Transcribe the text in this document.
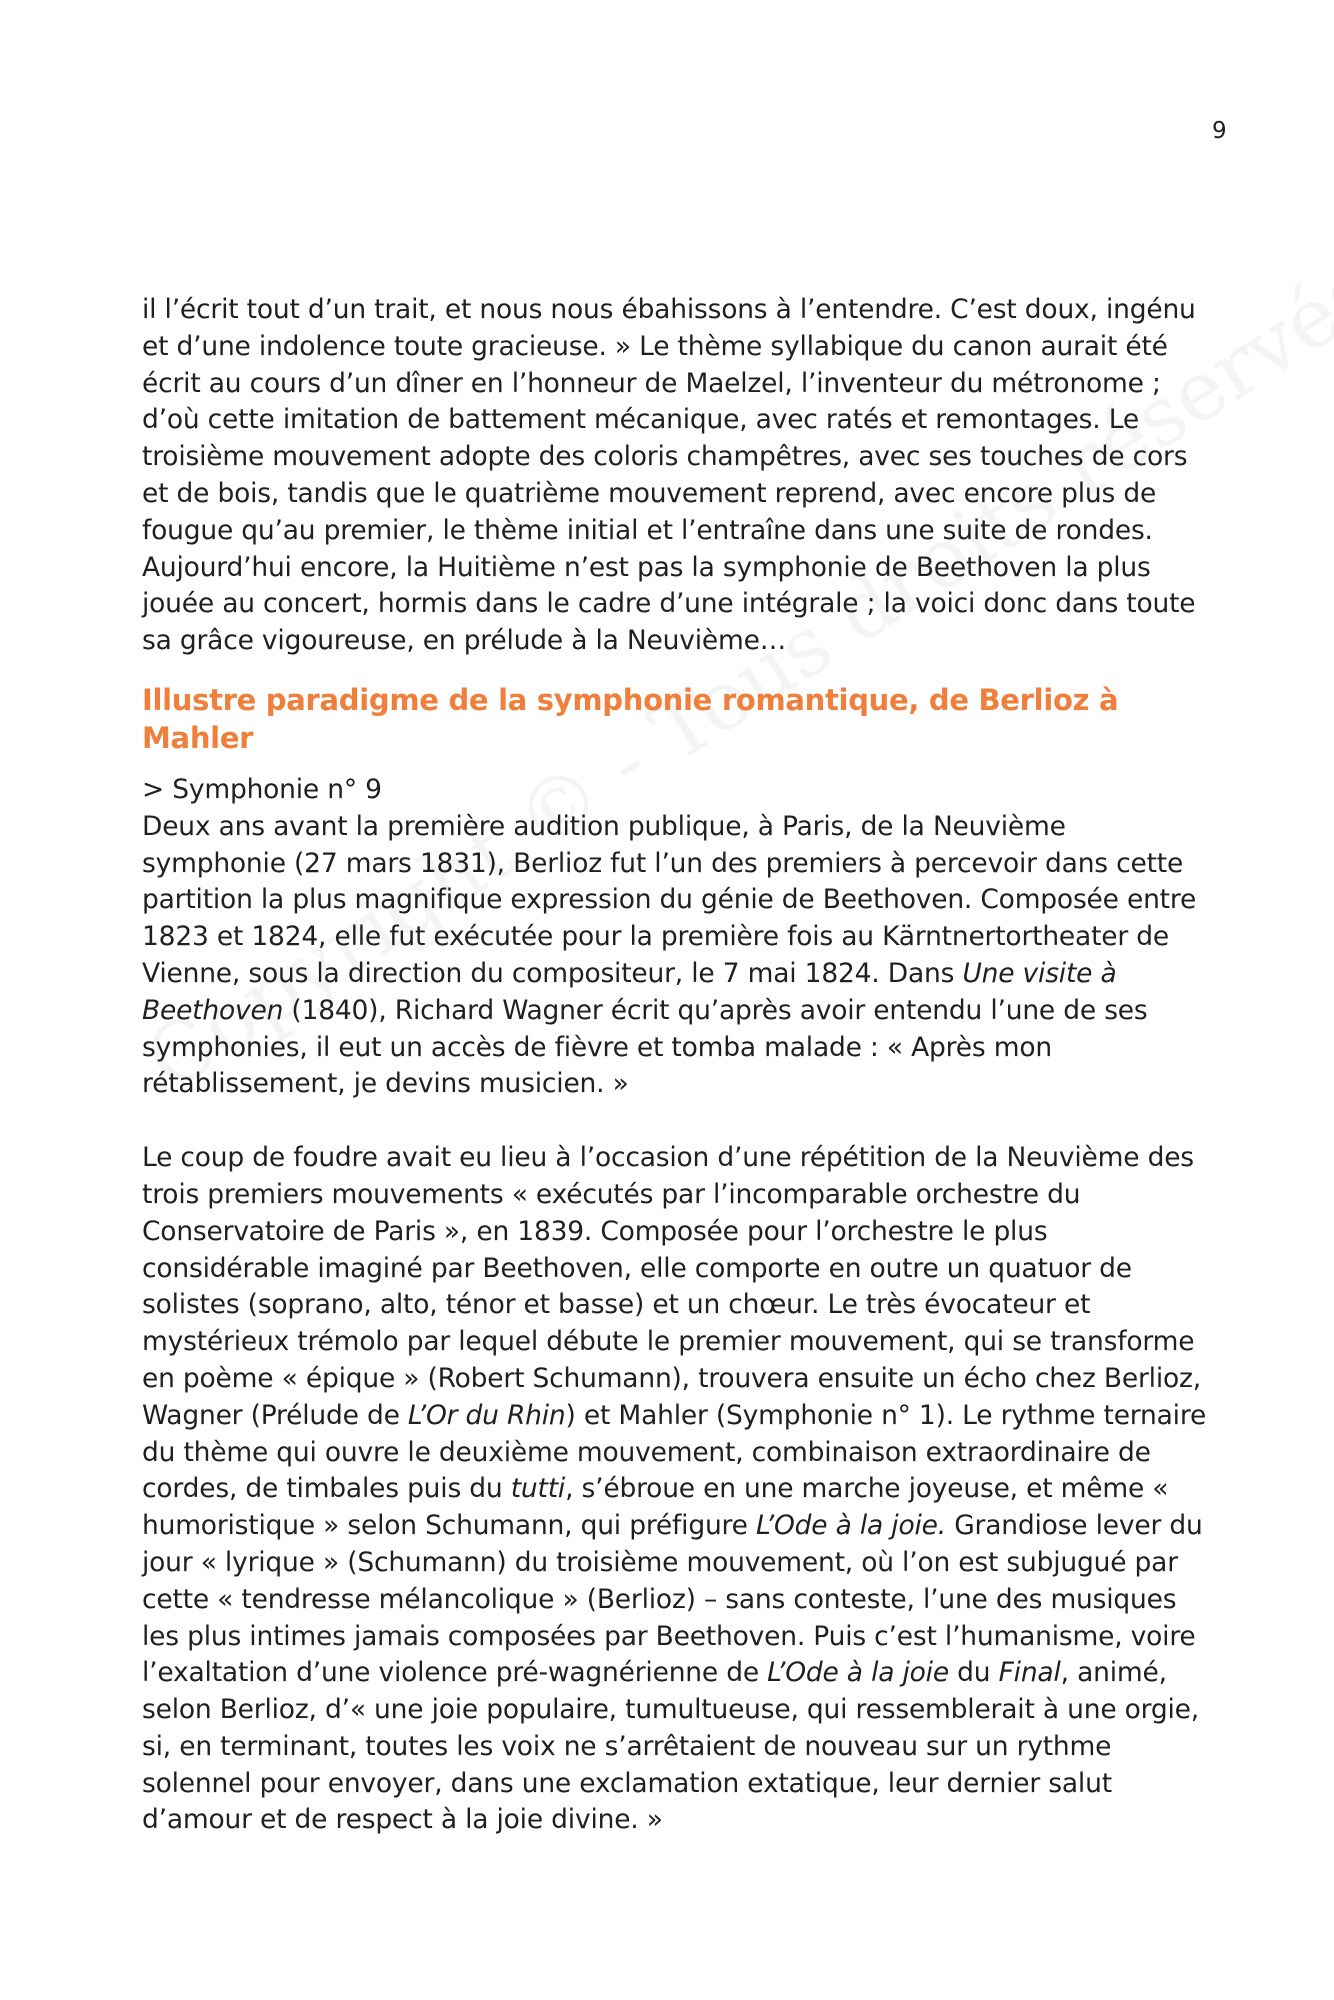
9

il l’écrit tout d’un trait, et nous nous ébahissons à l’entendre. C’est doux, ingénu et d’une indolence toute gracieuse. » Le thème syllabique du canon aurait été écrit au cours d’un dîner en l’honneur de Maelzel, l’inventeur du métronome ; d’où cette imitation de battement mécanique, avec ratés et remontages. Le troisième mouvement adopte des coloris champêtres, avec ses touches de cors et de bois, tandis que le quatrième mouvement reprend, avec encore plus de fougue qu’au premier, le thème initial et l’entraîne dans une suite de rondes. Aujourd’hui encore, la Huitième n’est pas la symphonie de Beethoven la plus jouée au concert, hormis dans le cadre d’une intégrale ; la voici donc dans toute sa grâce vigoureuse, en prélude à la Neuvième…

Illustre paradigme de la symphonie romantique, de Berlioz à Mahler

> Symphonie n° 9

Deux ans avant la première audition publique, à Paris, de la Neuvième symphonie (27 mars 1831), Berlioz fut l’un des premiers à percevoir dans cette partition la plus magnifique expression du génie de Beethoven. Composée entre 1823 et 1824, elle fut exécutée pour la première fois au Kärntnertortheater de Vienne, sous la direction du compositeur, le 7 mai 1824. Dans Une visite à Beethoven (1840), Richard Wagner écrit qu’après avoir entendu l’une de ses symphonies, il eut un accès de fièvre et tomba malade : « Après mon rétablissement, je devins musicien. »

Le coup de foudre avait eu lieu à l’occasion d’une répétition de la Neuvième des trois premiers mouvements « exécutés par l’incomparable orchestre du Conservatoire de Paris », en 1839. Composée pour l’orchestre le plus considérable imaginé par Beethoven, elle comporte en outre un quatuor de solistes (soprano, alto, ténor et basse) et un chœur. Le très évocateur et mystérieux trémolo par lequel débute le premier mouvement, qui se transforme en poème « épique » (Robert Schumann), trouvera ensuite un écho chez Berlioz, Wagner (Prélude de L’Or du Rhin) et Mahler (Symphonie n° 1). Le rythme ternaire du thème qui ouvre le deuxième mouvement, combinaison extraordinaire de cordes, de timbales puis du tutti, s’ébroue en une marche joyeuse, et même « humoristique » selon Schumann, qui préfigure L’Ode à la joie. Grandiose lever du jour « lyrique » (Schumann) du troisième mouvement, où l’on est subjugué par cette « tendresse mélancolique » (Berlioz) – sans conteste, l’une des musiques les plus intimes jamais composées par Beethoven. Puis c’est l’humanisme, voire l’exaltation d’une violence pré-wagnérienne de L’Ode à la joie du Final, animé, selon Berlioz, d’« une joie populaire, tumultueuse, qui ressemblerait à une orgie, si, en terminant, toutes les voix ne s’arrêtaient de nouveau sur un rythme solennel pour envoyer, dans une exclamation extatique, leur dernier salut d’amour et de respect à la joie divine. »
